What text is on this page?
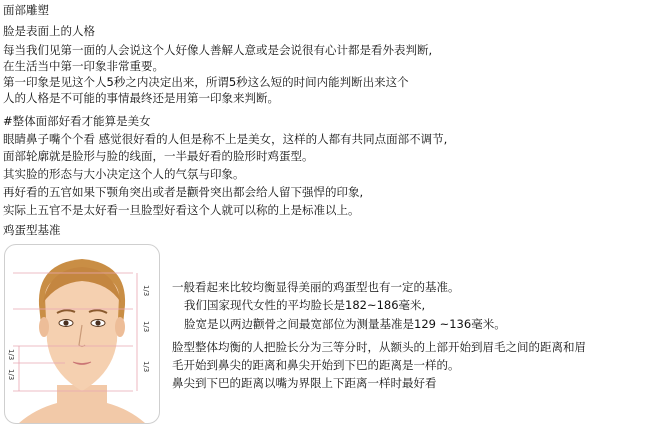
面部雕塑
脸是表面上的人格
每当我们见第一面的人会说这个人好像人善解人意或是会说很有心计都是看外表判断,
在生活当中第一印象非常重要。
第一印象是见这个人5秒之内决定出来，所谓5秒这么短的时间内能判断出来这个
人的人格是不可能的事情最终还是用第一印象来判断。
#整体面部好看才能算是美女
眼睛鼻子嘴个个看 感觉很好看的人但是称不上是美女，这样的人都有共同点面部不调节,
面部轮廓就是脸形与脸的线面，一半最好看的脸形时鸡蛋型。
其实脸的形态与大小决定这个人的气氛与印象。
再好看的五官如果下颚角突出或者是颧骨突出都会给人留下强悍的印象,
实际上五官不是太好看一旦脸型好看这个人就可以称的上是标准以上。
鸡蛋型基准
1/3
1/3
1/3
1/3
1/3
一般看起来比较均衡显得美丽的鸡蛋型也有一定的基准。
我们国家现代女性的平均脸长是182~186毫米,
脸宽是以两边颧骨之间最宽部位为测量基准是129 ~136毫米。
脸型整体均衡的人把脸长分为三等分时，从额头的上部开始到眉毛之间的距离和眉
毛开始到鼻尖的距离和鼻尖开始到下巴的距离是一样的。
鼻尖到下巴的距离以嘴为界限上下距离一样时最好看
